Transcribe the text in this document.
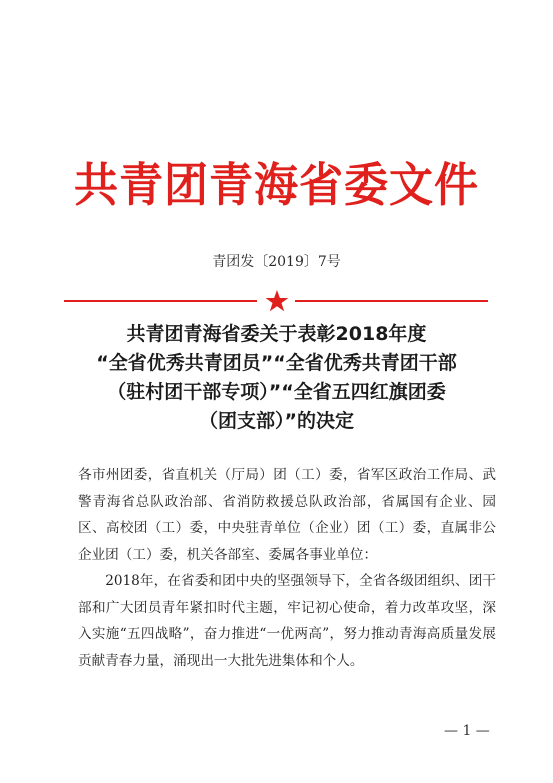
共青团青海省委文件
青团发〔2019〕7号
共青团青海省委关于表彰2018年度
“全省优秀共青团员”“全省优秀共青团干部
（驻村团干部专项）”“全省五四红旗团委
（团支部）”的决定

各市州团委，省直机关（厅局）团（工）委，省军区政治工作局、武警青海省总队政治部、省消防救援总队政治部，省属国有企业、园区、高校团（工）委，中央驻青单位（企业）团（工）委，直属非公企业团（工）委，机关各部室、委属各事业单位：

2018年，在省委和团中央的坚强领导下，全省各级团组织、团干部和广大团员青年紧扣时代主题，牢记初心使命，着力改革攻坚，深入实施“五四战略”，奋力推进“一优两高”，努力推动青海高质量发展贡献青春力量，涌现出一大批先进集体和个人。

— 1 —
